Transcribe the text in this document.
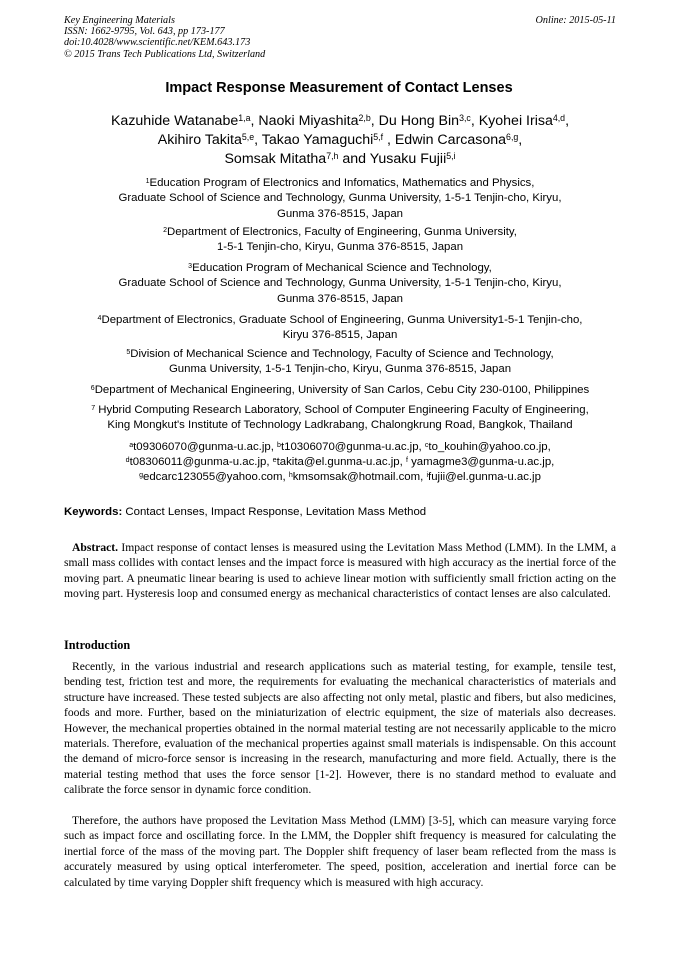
Key Engineering Materials
ISSN: 1662-9795, Vol. 643, pp 173-177
doi:10.4028/www.scientific.net/KEM.643.173
© 2015 Trans Tech Publications Ltd, Switzerland
Online: 2015-05-11
Impact Response Measurement of Contact Lenses
Kazuhide Watanabe$^{1,a}$, Naoki Miyashita$^{2,b}$, Du Hong Bin$^{3,c}$, Kyohei Irisa$^{4,d}$,
Akihiro Takita$^{5,e}$, Takao Yamaguchi$^{5,f}$ , Edwin Carcasona$^{6,g}$,
Somsak Mitatha$^{7,h}$ and Yusaku Fujii$^{5,i}$
$^1$Education Program of Electronics and Infomatics, Mathematics and Physics,
Graduate School of Science and Technology, Gunma University, 1-5-1 Tenjin-cho, Kiryu,
Gunma 376-8515, Japan
$^2$Department of Electronics, Faculty of Engineering, Gunma University,
1-5-1 Tenjin-cho, Kiryu, Gunma 376-8515, Japan
$^3$Education Program of Mechanical Science and Technology,
Graduate School of Science and Technology, Gunma University, 1-5-1 Tenjin-cho, Kiryu,
Gunma 376-8515, Japan
$^4$Department of Electronics, Graduate School of Engineering, Gunma University1-5-1 Tenjin-cho,
Kiryu 376-8515, Japan
$^5$Division of Mechanical Science and Technology, Faculty of Science and Technology,
Gunma University, 1-5-1 Tenjin-cho, Kiryu, Gunma 376-8515, Japan
$^6$Department of Mechanical Engineering, University of San Carlos, Cebu City 230-0100, Philippines
$^7$ Hybrid Computing Research Laboratory, School of Computer Engineering Faculty of Engineering,
King Mongkut's Institute of Technology Ladkrabang, Chalongkrung Road, Bangkok, Thailand
$^a$t09306070@gunma-u.ac.jp, $^b$t10306070@gunma-u.ac.jp, $^c$to_kouhin@yahoo.co.jp,
$^d$t08306011@gunma-u.ac.jp, $^e$takita@el.gunma-u.ac.jp, $^f$ yamagme3@gunma-u.ac.jp,
$^g$edcarc123055@yahoo.com, $^h$kmsomsak@hotmail.com, $^i$fujii@el.gunma-u.ac.jp
Keywords: Contact Lenses, Impact Response, Levitation Mass Method

Abstract. Impact response of contact lenses is measured using the Levitation Mass Method (LMM). In the LMM, a small mass collides with contact lenses and the impact force is measured with high accuracy as the inertial force of the moving part. A pneumatic linear bearing is used to achieve linear motion with sufficiently small friction acting on the moving part. Hysteresis loop and consumed energy as mechanical characteristics of contact lenses are also calculated.

Introduction

Recently, in the various industrial and research applications such as material testing, for example, tensile test, bending test, friction test and more, the requirements for evaluating the mechanical characteristics of materials and structure have increased. These tested subjects are also affecting not only metal, plastic and fibers, but also medicines, foods and more. Further, based on the miniaturization of electric equipment, the size of materials also decreases. However, the mechanical properties obtained in the normal material testing are not necessarily applicable to the micro materials. Therefore, evaluation of the mechanical properties against small materials is indispensable. On this account the demand of micro-force sensor is increasing in the research, manufacturing and more field. Actually, there is the material testing method that uses the force sensor [1-2]. However, there is no standard method to evaluate and calibrate the force sensor in dynamic force condition.

Therefore, the authors have proposed the Levitation Mass Method (LMM) [3-5], which can measure varying force such as impact force and oscillating force. In the LMM, the Doppler shift frequency is measured for calculating the inertial force of the mass of the moving part. The Doppler shift frequency of laser beam reflected from the mass is accurately measured by using optical interferometer. The speed, position, acceleration and inertial force can be calculated by time varying Doppler shift frequency which is measured with high accuracy.
